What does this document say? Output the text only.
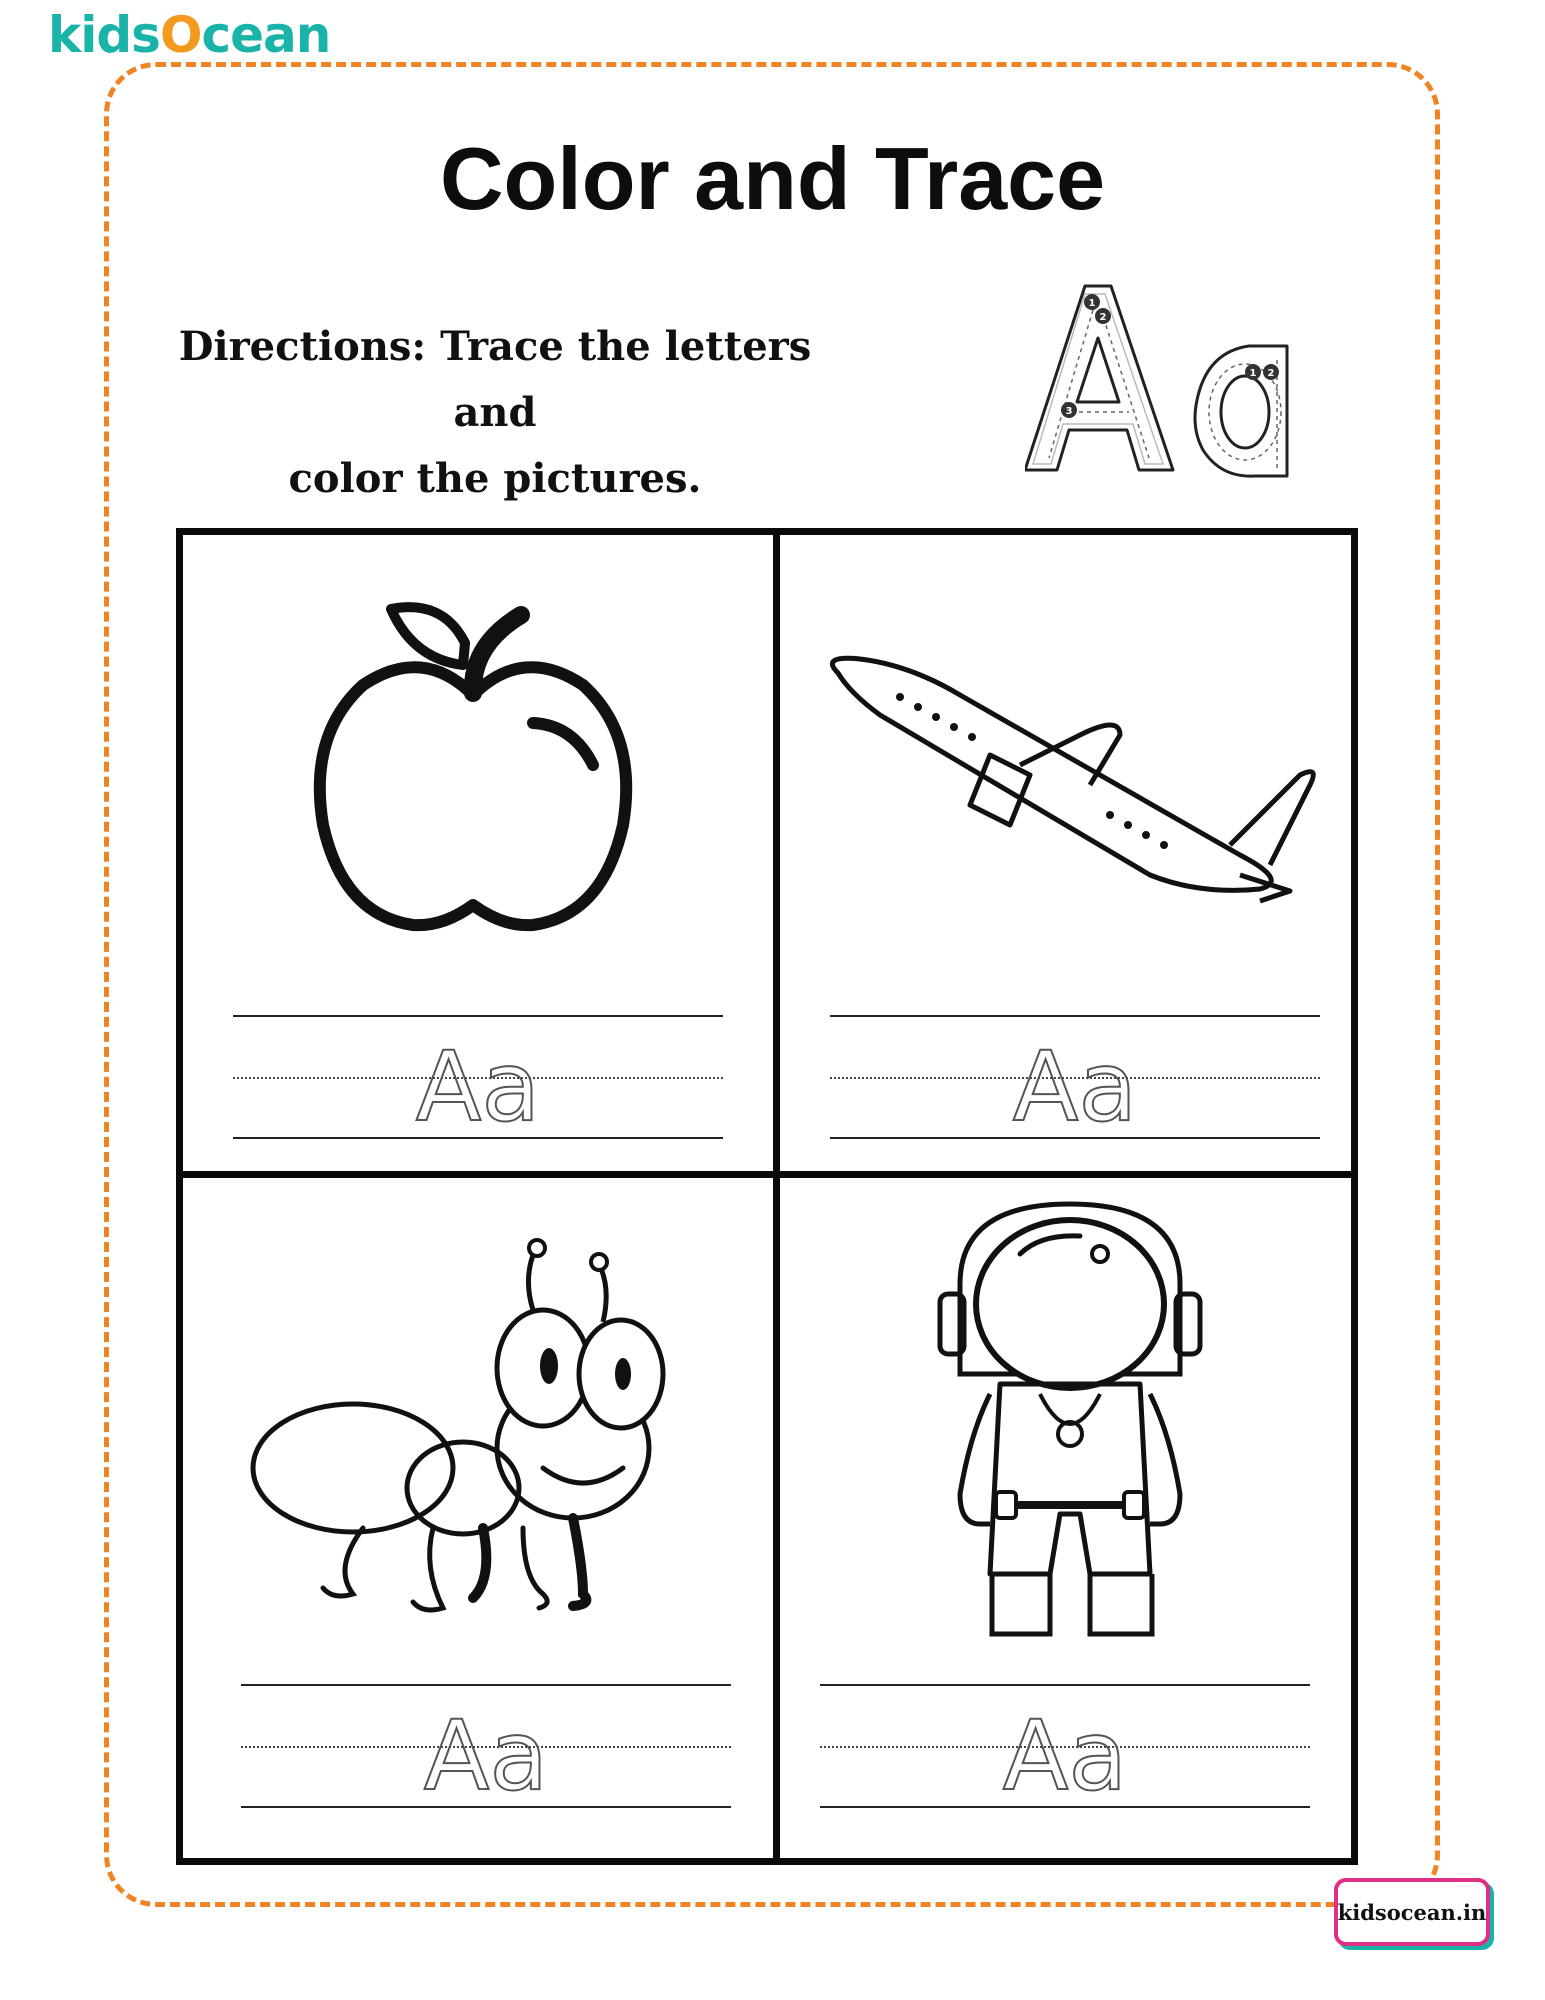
kidsOcean
Color and Trace
Directions: Trace the letters and
color the pictures.
1
2
3
1 2
Aa	Aa
Aa	Aa
kidsocean.in
